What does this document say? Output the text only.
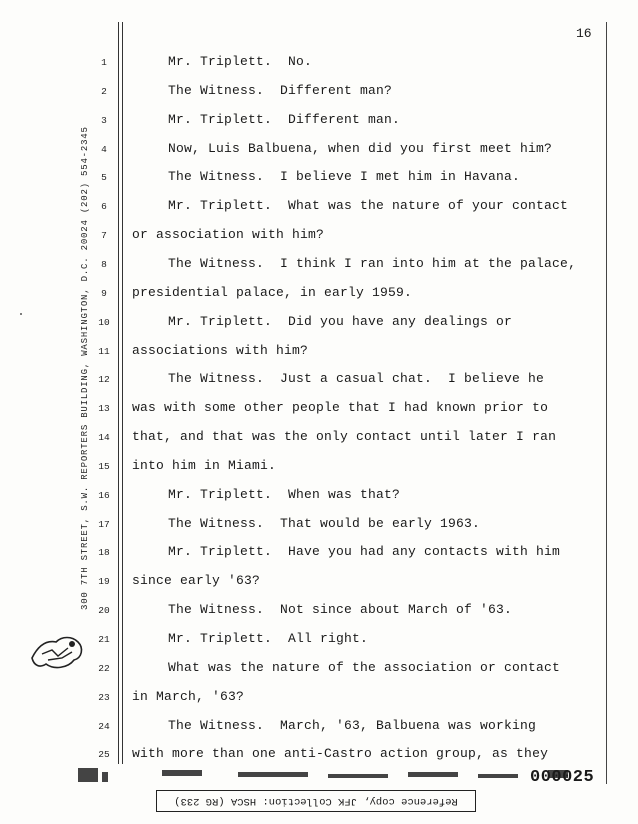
16
300 7TH STREET, S.W. REPORTERS BUILDING, WASHINGTON, D.C. 20024 (202) 554-2345
1	Mr. Triplett.  No.
2	The Witness.  Different man?
3	Mr. Triplett.  Different man.
4	Now, Luis Balbuena, when did you first meet him?
5	The Witness.  I believe I met him in Havana.
6	Mr. Triplett.  What was the nature of your contact
7	or association with him?
8	The Witness.  I think I ran into him at the palace,
9	presidential palace, in early 1959.
10	Mr. Triplett.  Did you have any dealings or
11 associations with him?
12	The Witness.  Just a casual chat.  I believe he
13 was with some other people that I had known prior to
14 that, and that was the only contact until later I ran
15 into him in Miami.
16	Mr. Triplett.  When was that?
17	The Witness.  That would be early 1963.
18	Mr. Triplett.  Have you had any contacts with him
19 since early '63?
20	The Witness.  Not since about March of '63.
21	Mr. Triplett.  All right.
22	What was the nature of the association or contact
23 in March, '63?
24	The Witness.  March, '63, Balbuena was working
25 with more than one anti-Castro action group, as they
000025
Reference copy, JFK Collection: HSCA (RG 233)
